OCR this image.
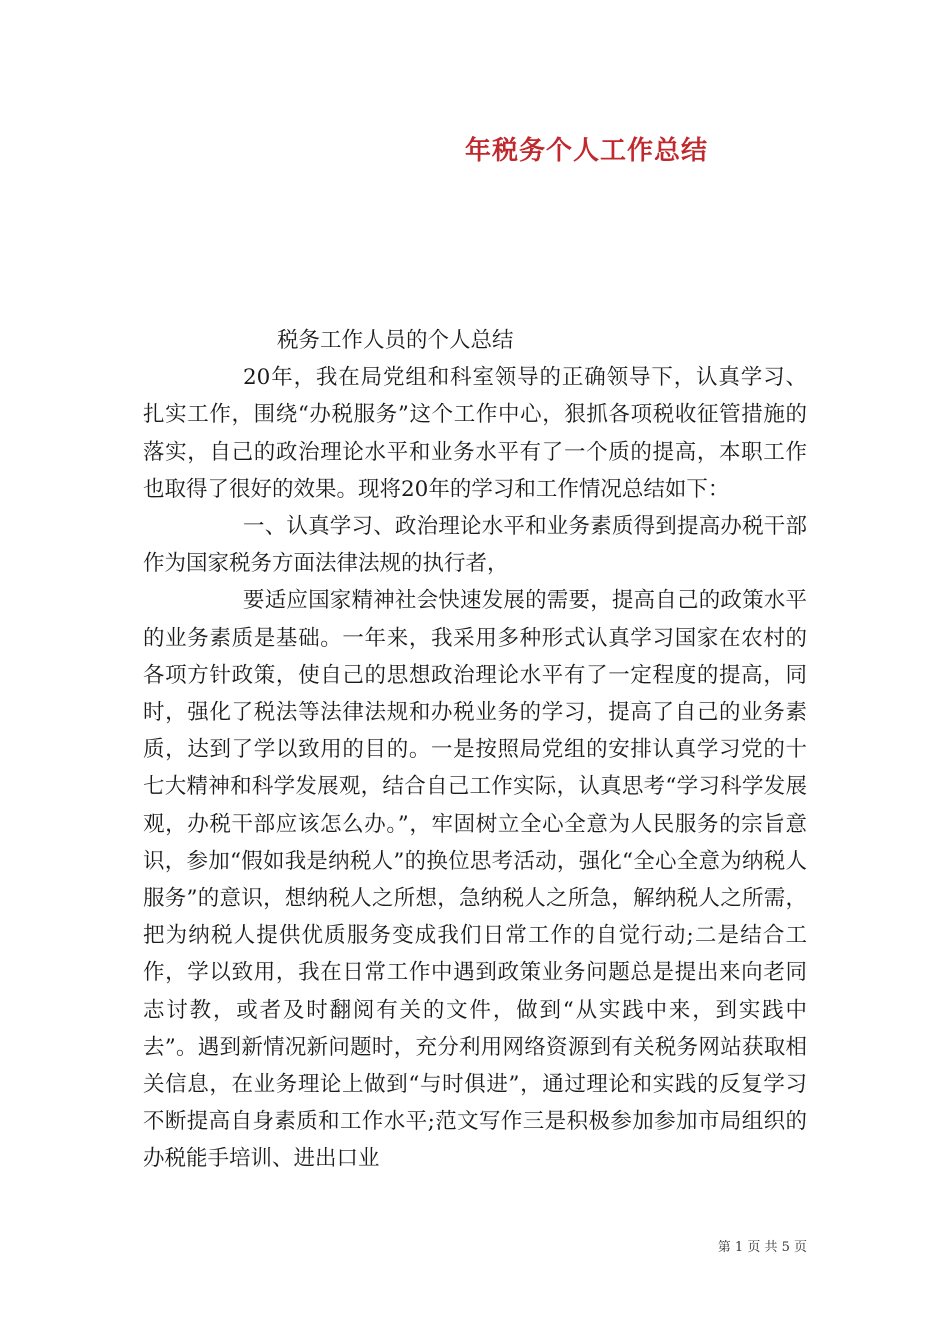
年税务个人工作总结

税务工作人员的个人总结

20年，我在局党组和科室领导的正确领导下，认真学习、扎实工作，围绕“办税服务”这个工作中心，狠抓各项税收征管措施的落实，自己的政治理论水平和业务水平有了一个质的提高，本职工作也取得了很好的效果。现将20年的学习和工作情况总结如下：

一、认真学习、政治理论水平和业务素质得到提高办税干部作为国家税务方面法律法规的执行者，

要适应国家精神社会快速发展的需要，提高自己的政策水平的业务素质是基础。一年来，我采用多种形式认真学习国家在农村的各项方针政策，使自己的思想政治理论水平有了一定程度的提高，同时，强化了税法等法律法规和办税业务的学习，提高了自己的业务素质，达到了学以致用的目的。一是按照局党组的安排认真学习党的十七大精神和科学发展观，结合自己工作实际，认真思考“学习科学发展观，办税干部应该怎么办。”，牢固树立全心全意为人民服务的宗旨意识，参加“假如我是纳税人”的换位思考活动，强化“全心全意为纳税人服务”的意识，想纳税人之所想，急纳税人之所急，解纳税人之所需，把为纳税人提供优质服务变成我们日常工作的自觉行动;二是结合工作，学以致用，我在日常工作中遇到政策业务问题总是提出来向老同志讨教，或者及时翻阅有关的文件，做到“从实践中来，到实践中去”。遇到新情况新问题时，充分利用网络资源到有关税务网站获取相关信息，在业务理论上做到“与时俱进”，通过理论和实践的反复学习不断提高自身素质和工作水平;范文写作三是积极参加参加市局组织的办税能手培训、进出口业

第 1 页 共 5 页
